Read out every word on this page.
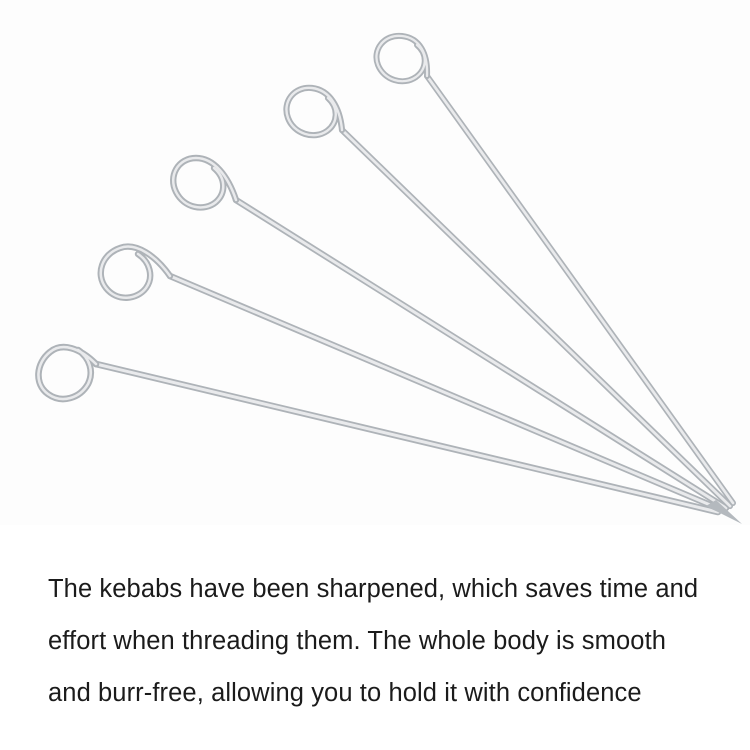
The kebabs have been sharpened, which saves time and effort when threading them. The whole body is smooth and burr-free, allowing you to hold it with confidence
